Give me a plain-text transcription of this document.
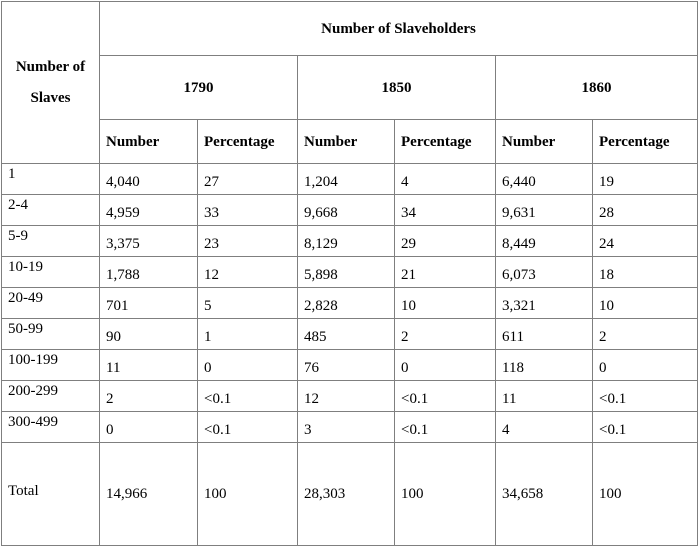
Number of Slaves	Number of Slaveholders					
	1790		1850		1860	
	Number	Percentage	Number	Percentage	Number	Percentage
1	4,040	27	1,204	4	6,440	19
2-4	4,959	33	9,668	34	9,631	28
5-9	3,375	23	8,129	29	8,449	24
10-19	1,788	12	5,898	21	6,073	18
20-49	701	5	2,828	10	3,321	10
50-99	90	1	485	2	611	2
100-199	11	0	76	0	118	0
200-299	2	<0.1	12	<0.1	11	<0.1
300-499	0	<0.1	3	<0.1	4	<0.1
Total	14,966	100	28,303	100	34,658	100
